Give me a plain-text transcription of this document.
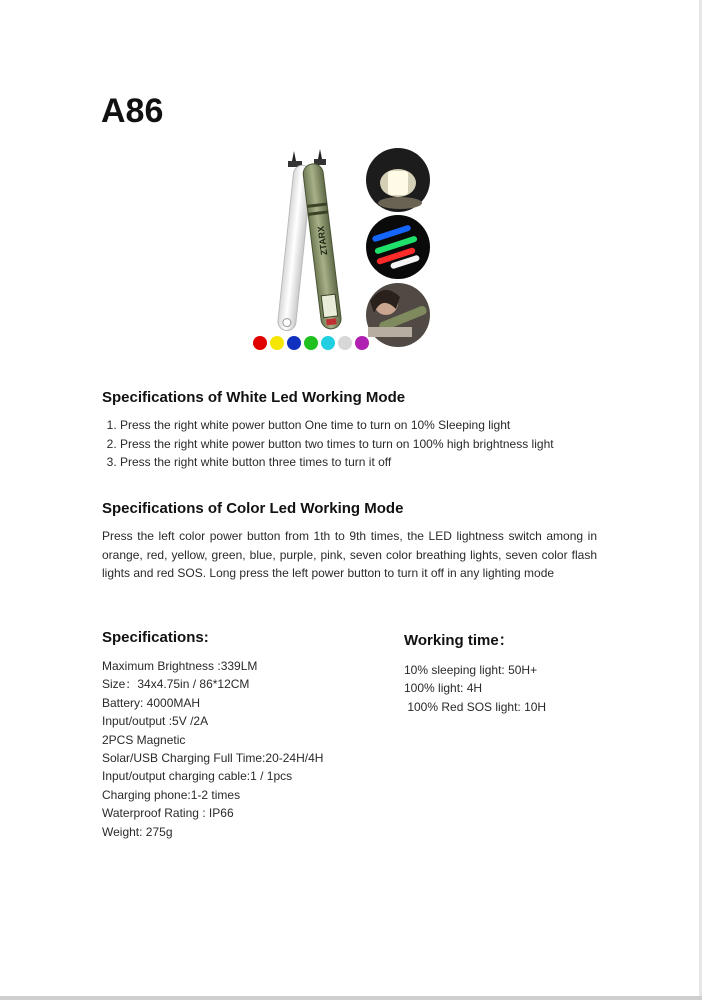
A86
ZTARX
Specifications of White Led Working Mode
1. Press the right white power button One time to turn on 10% Sleeping light
2. Press the right white power button two times to turn on 100% high brightness light
3. Press the right white button three times to turn it off
Specifications of Color Led Working Mode

Press the left color power button from 1th to 9th times, the LED lightness switch among in orange, red, yellow, green, blue, purple, pink, seven color breathing lights, seven color flash lights and red SOS. Long press the left power button to turn it off in any lighting mode

Specifications:
Maximum Brightness :339LM
Size：34x4.75in / 86*12CM
Battery: 4000MAH
Input/output :5V /2A
2PCS Magnetic
Solar/USB Charging Full Time:20-24H/4H
Input/output charging cable:1 / 1pcs
Charging phone:1-2 times
Waterproof Rating : IP66
Weight: 275g
Working time：
10% sleeping light: 50H+
100% light: 4H
100% Red SOS light: 10H
